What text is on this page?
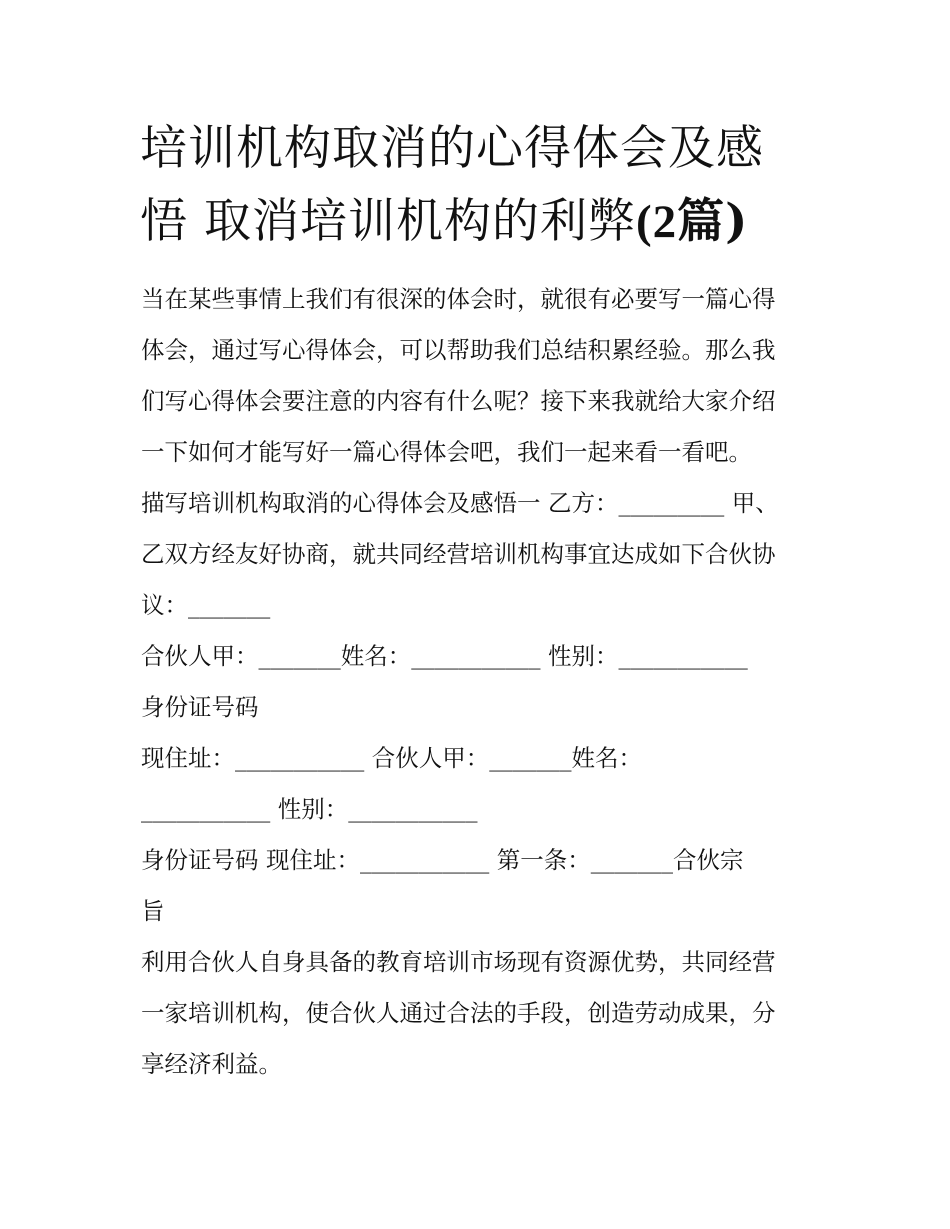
培训机构取消的心得体会及感
悟 取消培训机构的利弊(2篇)
当在某些事情上我们有很深的体会时，就很有必要写一篇心得
体会，通过写心得体会，可以帮助我们总结积累经验。那么我
们写心得体会要注意的内容有什么呢？接下来我就给大家介绍
一下如何才能写好一篇心得体会吧，我们一起来看一看吧。
描写培训机构取消的心得体会及感悟一 乙方：_________ 甲、
乙双方经友好协商，就共同经营培训机构事宜达成如下合伙协
议：_______
合伙人甲：_______姓名：___________ 性别：___________
身份证号码
现住址：___________ 合伙人甲：_______姓名：
___________ 性别：___________
身份证号码 现住址：___________ 第一条：_______合伙宗
旨
利用合伙人自身具备的教育培训市场现有资源优势，共同经营
一家培训机构，使合伙人通过合法的手段，创造劳动成果，分
享经济利益。
